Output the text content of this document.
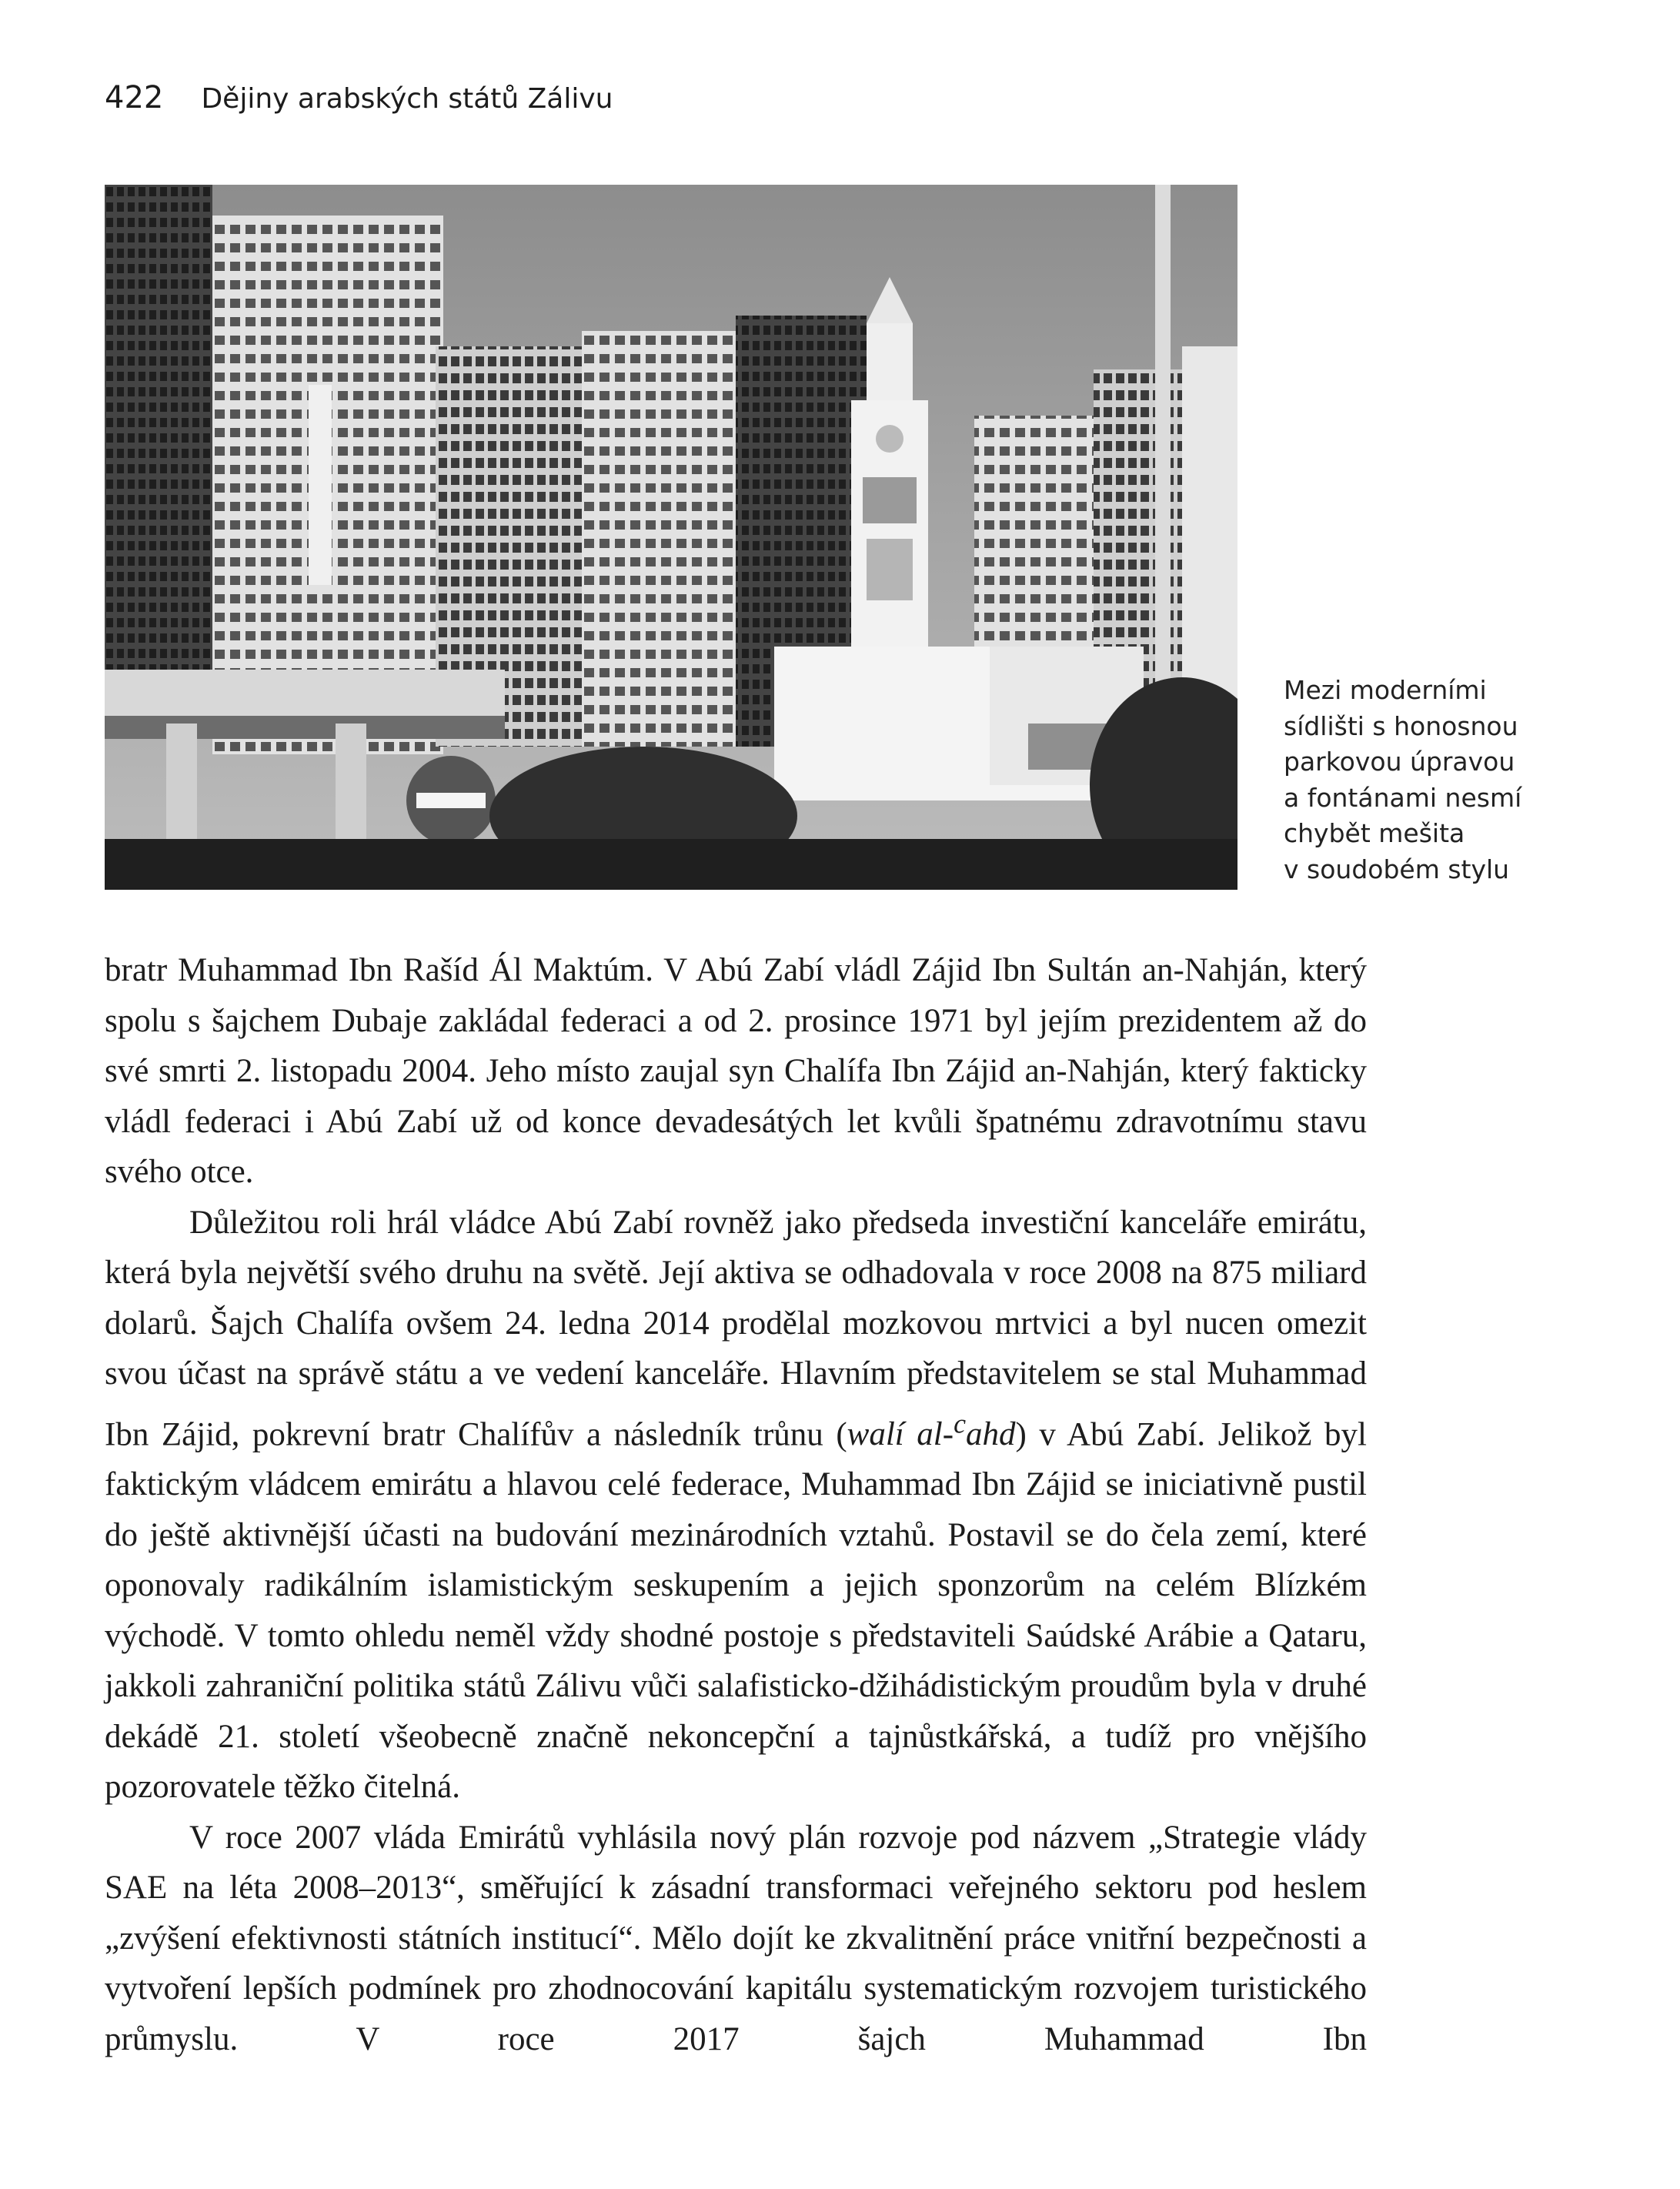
422 Dějiny arabských států Zálivu
Mezi moderními
sídlišti s honosnou
parkovou úpravou
a fontánami nesmí
chybět mešita
v soudobém stylu

bratr Muhammad Ibn Rašíd Ál Maktúm. V Abú Zabí vládl Zájid Ibn Sultán an-Nahján, který spolu s šajchem Dubaje zakládal federaci a od 2. prosince 1971 byl jejím prezidentem až do své smrti 2. listopadu 2004. Jeho místo zaujal syn Chalífa Ibn Zájid an-Nahján, který fakticky vládl federaci i Abú Zabí už od konce devadesátých let kvůli špatnému zdravotnímu stavu svého otce.

Důležitou roli hrál vládce Abú Zabí rovněž jako předseda investiční kanceláře emirátu, která byla největší svého druhu na světě. Její aktiva se odhadovala v roce 2008 na 875 miliard dolarů. Šajch Chalífa ovšem 24. ledna 2014 prodělal mozkovou mrtvici a byl nucen omezit svou účast na správě státu a ve vedení kanceláře. Hlavním představitelem se stal Muhammad Ibn Zájid, pokrevní bratr Chalífův a následník trůnu (walí al-$^c$ahd) v Abú Zabí. Jelikož byl faktickým vládcem emirátu a hlavou celé federace, Muhammad Ibn Zájid se iniciativně pustil do ještě aktivnější účasti na budování mezinárodních vztahů. Postavil se do čela zemí, které oponovaly radikálním islamistickým seskupením a jejich sponzorům na celém Blízkém východě. V tomto ohledu neměl vždy shodné postoje s představiteli Saúdské Arábie a Qataru, jakkoli zahraniční politika států Zálivu vůči salafisticko-džihádistickým proudům byla v druhé dekádě 21. století všeobecně značně nekoncepční a tajnůstkářská, a tudíž pro vnějšího pozorovatele těžko čitelná.

V roce 2007 vláda Emirátů vyhlásila nový plán rozvoje pod názvem „Strategie vlády SAE na léta 2008–2013“, směřující k zásadní transformaci veřejného sektoru pod heslem „zvýšení efektivnosti státních institucí“. Mělo dojít ke zkvalitnění práce vnitřní bezpečnosti a vytvoření lepších podmínek pro zhodnocování kapitálu systematickým rozvojem turistického průmyslu. V roce 2017 šajch Muhammad Ibn
